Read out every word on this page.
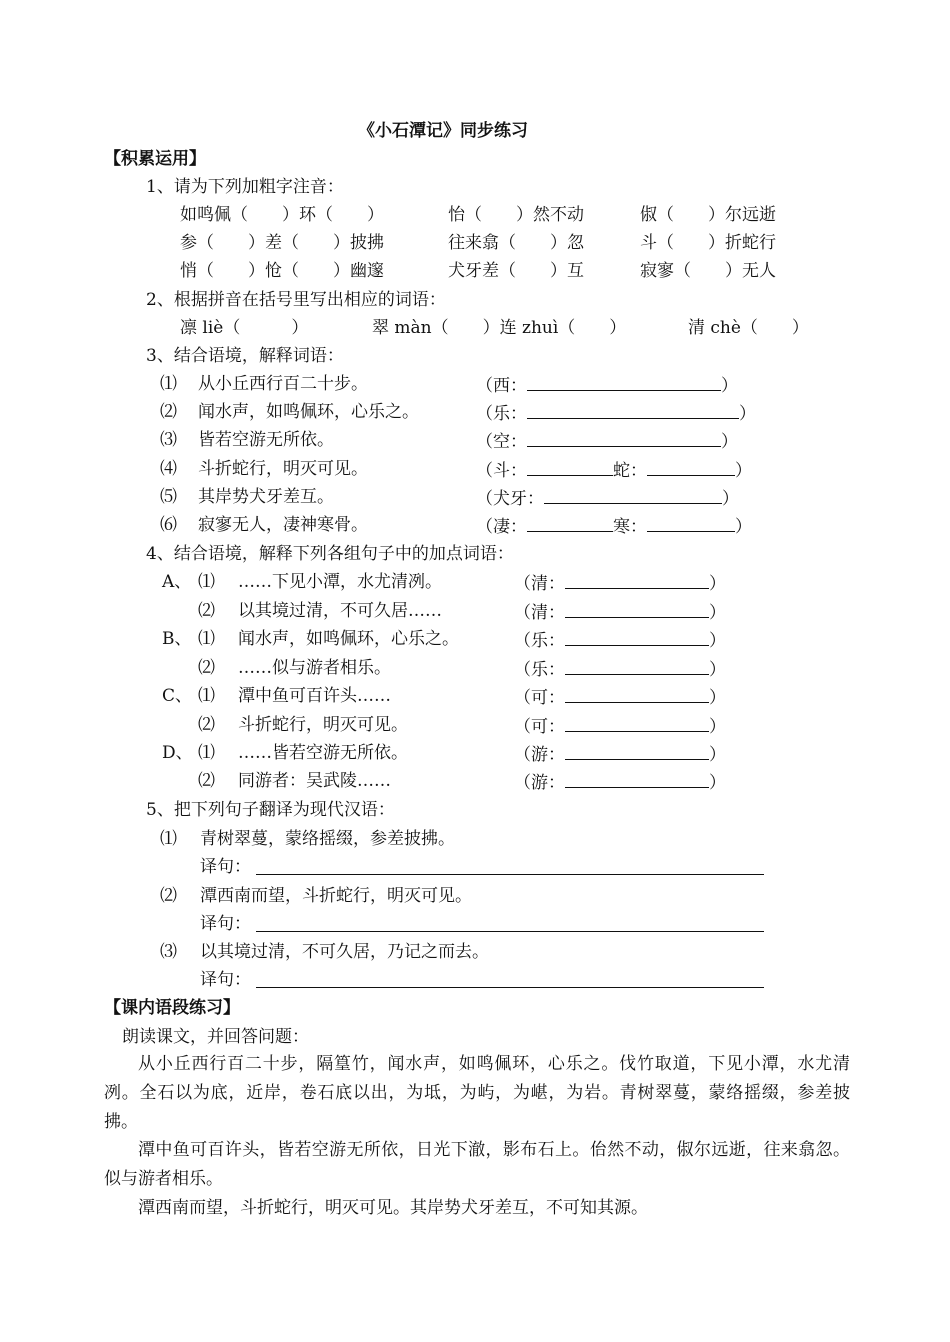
《小石潭记》同步练习
【积累运用】
1、请为下列加粗字注音：
如鸣佩（　　）环（　　）	怡（　　）然不动	俶（　　）尔远逝
参（　　）差（　　）披拂	往来翕（　　）忽	斗（　　）折蛇行
悄（　　）怆（　　）幽邃	犬牙差（　　）互	寂寥（　　）无人
2、根据拼音在括号里写出相应的词语：
凛 liè（　　　）	翠 màn（　　）连 zhuì（　　）	清 chè（　　）
3、结合语境，解释词语：
⑴ 从小丘西行百二十步。	（西：	）
⑵ 闻水声，如鸣佩环，心乐之。	（乐：	）
⑶ 皆若空游无所依。	（空：	）
⑷ 斗折蛇行，明灭可见。	（斗：	蛇：	）
⑸ 其岸势犬牙差互。	（犬牙：	）
⑹ 寂寥无人，凄神寒骨。	（凄：	寒：	）
4、结合语境，解释下列各组句子中的加点词语：
A、 ⑴ ……下见小潭，水尤清冽。	（清：	）
⑵ 以其境过清，不可久居……	（清：	）
B、 ⑴ 闻水声，如鸣佩环，心乐之。	（乐：	）
⑵ ……似与游者相乐。	（乐：	）
C、 ⑴ 潭中鱼可百许头……	（可：	）
⑵ 斗折蛇行，明灭可见。	（可：	）
D、 ⑴ ……皆若空游无所依。	（游：	）
⑵ 同游者：吴武陵……	（游：	）
5、把下列句子翻译为现代汉语：
⑴ 青树翠蔓，蒙络摇缀，参差披拂。
译句：
⑵ 潭西南而望，斗折蛇行，明灭可见。
译句：
⑶ 以其境过清，不可久居，乃记之而去。
译句：
【课内语段练习】
朗读课文，并回答问题：
从小丘西行百二十步，隔篁竹，闻水声，如鸣佩环，心乐之。伐竹取道，下见小潭，水尤清冽。全石以为底，近岸，卷石底以出，为坻，为屿，为嵁，为岩。青树翠蔓，蒙络摇缀，参差披拂。
潭中鱼可百许头，皆若空游无所依，日光下澈，影布石上。佁然不动，俶尔远逝，往来翕忽。似与游者相乐。
潭西南而望，斗折蛇行，明灭可见。其岸势犬牙差互，不可知其源。
